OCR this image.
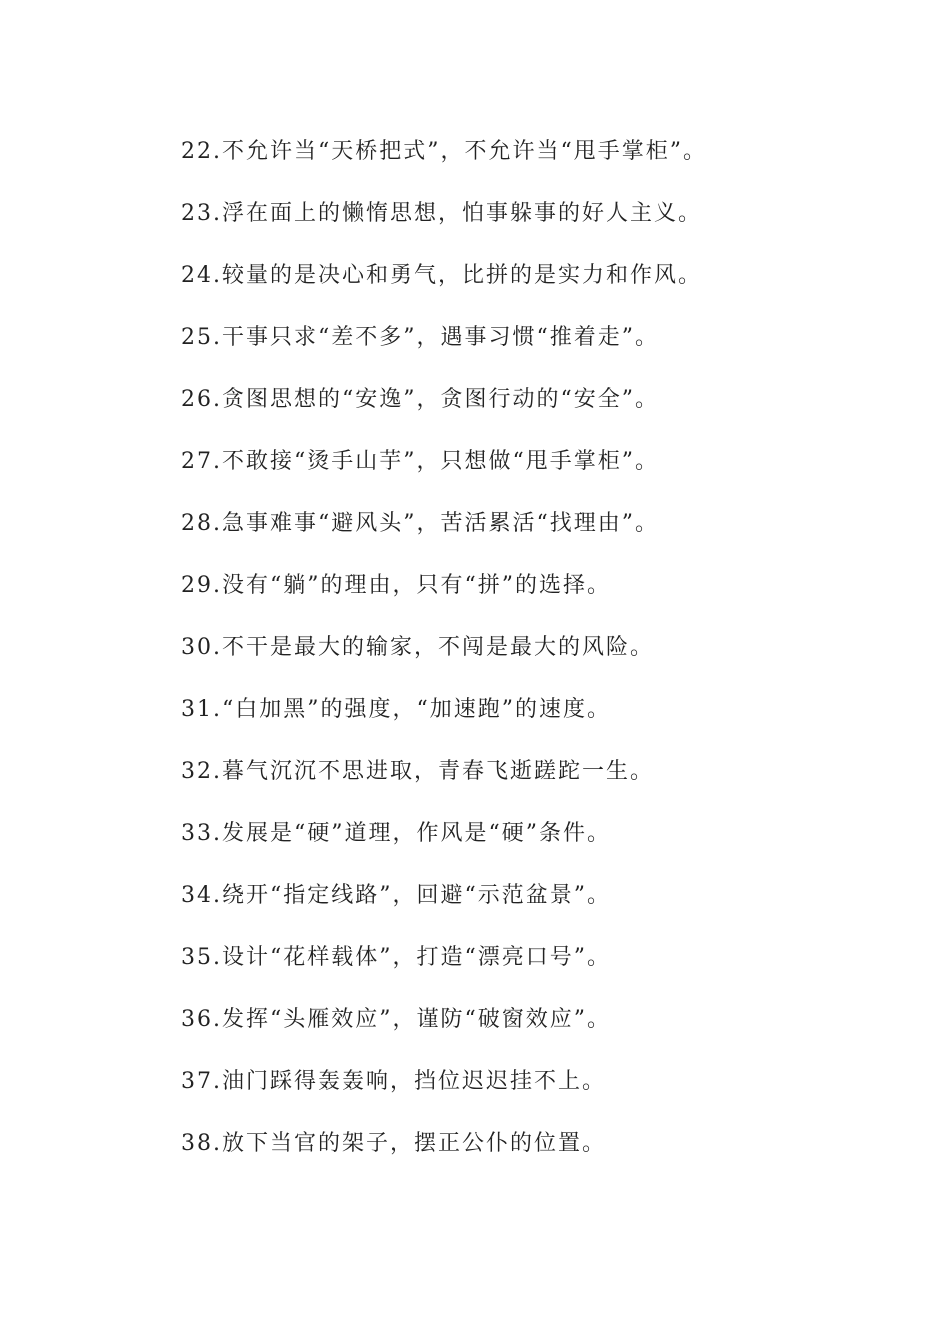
22.不允许当“天桥把式”，不允许当“甩手掌柜”。
23.浮在面上的懒惰思想，怕事躲事的好人主义。
24.较量的是决心和勇气，比拼的是实力和作风。
25.干事只求“差不多”，遇事习惯“推着走”。
26.贪图思想的“安逸”，贪图行动的“安全”。
27.不敢接“烫手山芋”，只想做“甩手掌柜”。
28.急事难事“避风头”，苦活累活“找理由”。
29.没有“躺”的理由，只有“拼”的选择。
30.不干是最大的输家，不闯是最大的风险。
31.“白加黑”的强度，“加速跑”的速度。
32.暮气沉沉不思进取，青春飞逝蹉跎一生。
33.发展是“硬”道理，作风是“硬”条件。
34.绕开“指定线路”，回避“示范盆景”。
35.设计“花样载体”，打造“漂亮口号”。
36.发挥“头雁效应”，谨防“破窗效应”。
37.油门踩得轰轰响，挡位迟迟挂不上。
38.放下当官的架子，摆正公仆的位置。
